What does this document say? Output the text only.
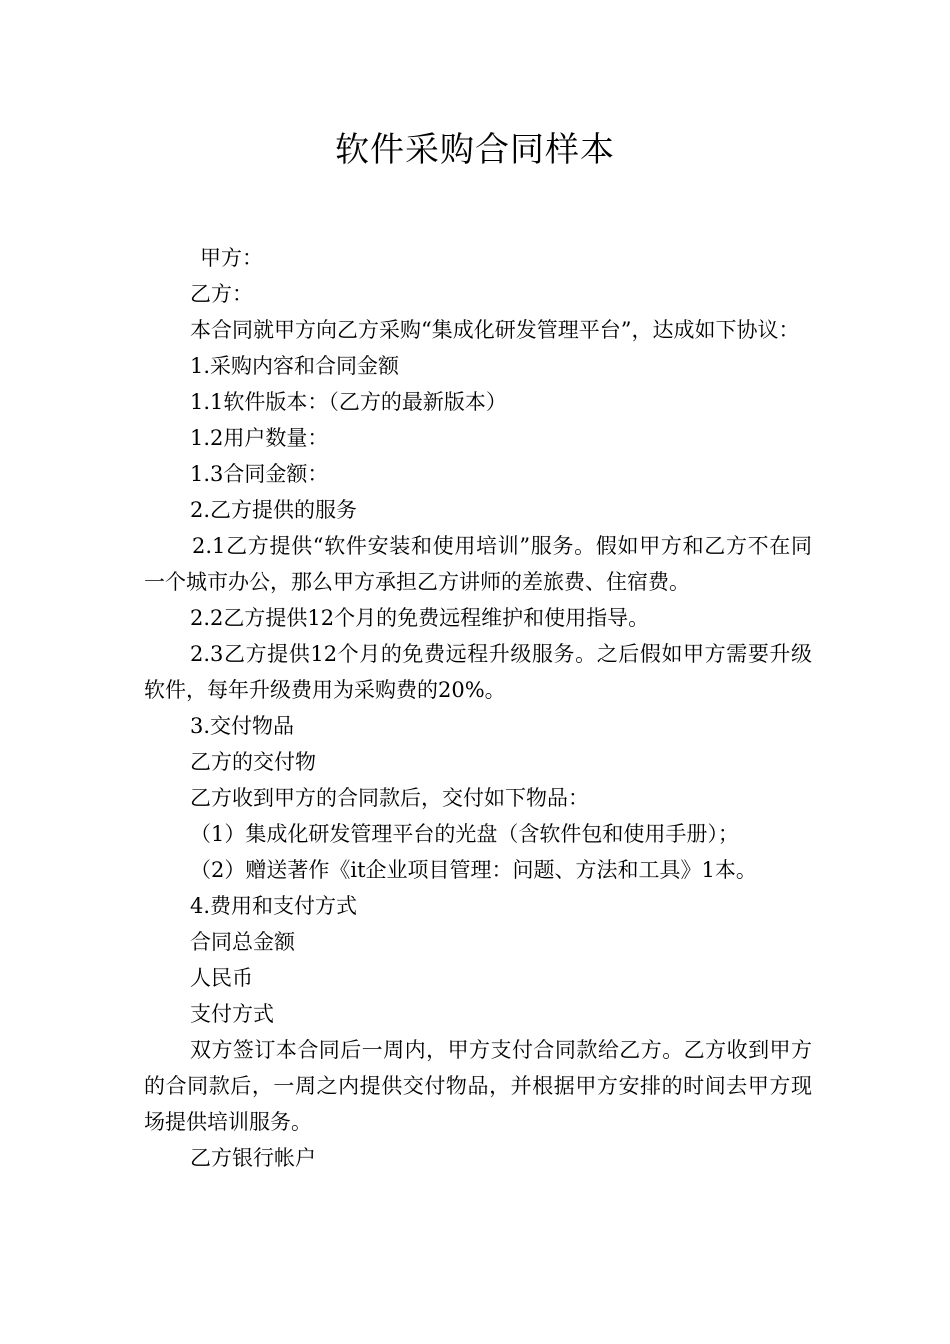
软件采购合同样本

甲方：

乙方：

本合同就甲方向乙方采购“集成化研发管理平台”，达成如下协议：

1.采购内容和合同金额

1.1软件版本：（乙方的最新版本）

1.2用户数量：

1.3合同金额：

2.乙方提供的服务

2.1乙方提供“软件安装和使用培训”服务。假如甲方和乙方不在同一个城市办公，那么甲方承担乙方讲师的差旅费、住宿费。

2.2乙方提供12个月的免费远程维护和使用指导。

2.3乙方提供12个月的免费远程升级服务。之后假如甲方需要升级软件，每年升级费用为采购费的20%。

3.交付物品

乙方的交付物

乙方收到甲方的合同款后，交付如下物品：

（1）集成化研发管理平台的光盘（含软件包和使用手册）；

（2）赠送著作《it企业项目管理：问题、方法和工具》1本。

4.费用和支付方式

合同总金额

人民币

支付方式

双方签订本合同后一周内，甲方支付合同款给乙方。乙方收到甲方的合同款后，一周之内提供交付物品，并根据甲方安排的时间去甲方现场提供培训服务。

乙方银行帐户
